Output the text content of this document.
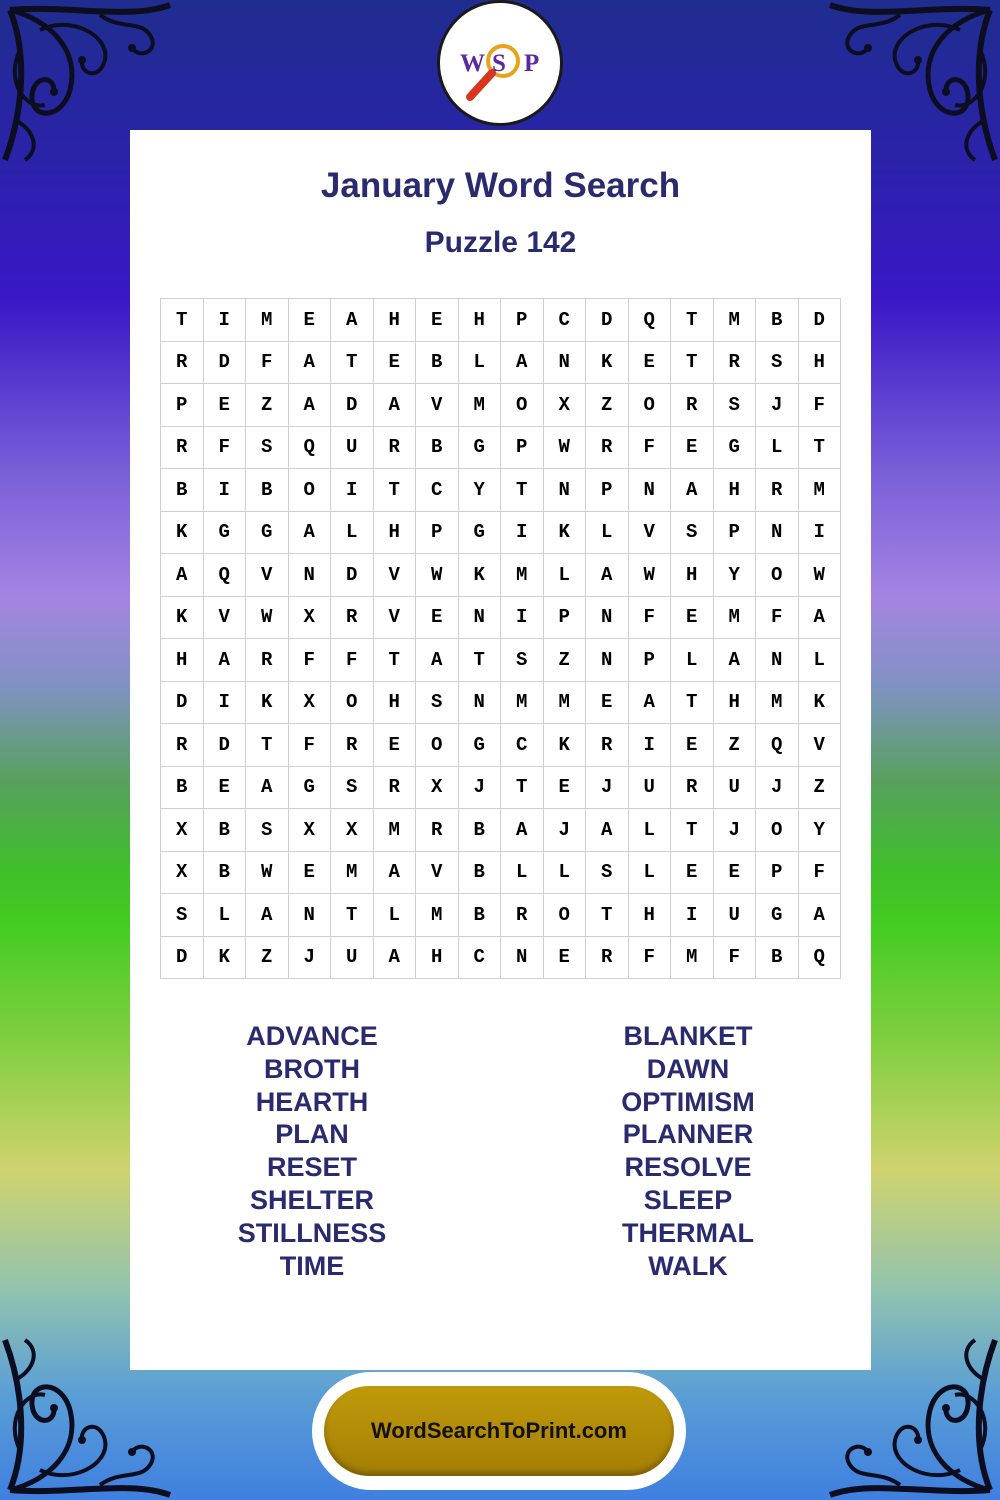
W S P
January Word Search
Puzzle 142
T	I	M	E	A	H	E	H	P	C	D	Q	T	M	B	D
R	D	F	A	T	E	B	L	A	N	K	E	T	R	S	H
P	E	Z	A	D	A	V	M	O	X	Z	O	R	S	J	F
R	F	S	Q	U	R	B	G	P	W	R	F	E	G	L	T
B	I	B	O	I	T	C	Y	T	N	P	N	A	H	R	M
K	G	G	A	L	H	P	G	I	K	L	V	S	P	N	I
A	Q	V	N	D	V	W	K	M	L	A	W	H	Y	O	W
K	V	W	X	R	V	E	N	I	P	N	F	E	M	F	A
H	A	R	F	F	T	A	T	S	Z	N	P	L	A	N	L
D	I	K	X	O	H	S	N	M	M	E	A	T	H	M	K
R	D	T	F	R	E	O	G	C	K	R	I	E	Z	Q	V
B	E	A	G	S	R	X	J	T	E	J	U	R	U	J	Z
X	B	S	X	X	M	R	B	A	J	A	L	T	J	O	Y
X	B	W	E	M	A	V	B	L	L	S	L	E	E	P	F
S	L	A	N	T	L	M	B	R	O	T	H	I	U	G	A
D	K	Z	J	U	A	H	C	N	E	R	F	M	F	B	Q
ADVANCE
BROTH
HEARTH
PLAN
RESET
SHELTER
STILLNESS
TIME
BLANKET
DAWN
OPTIMISM
PLANNER
RESOLVE
SLEEP
THERMAL
WALK
WordSearchToPrint.com
